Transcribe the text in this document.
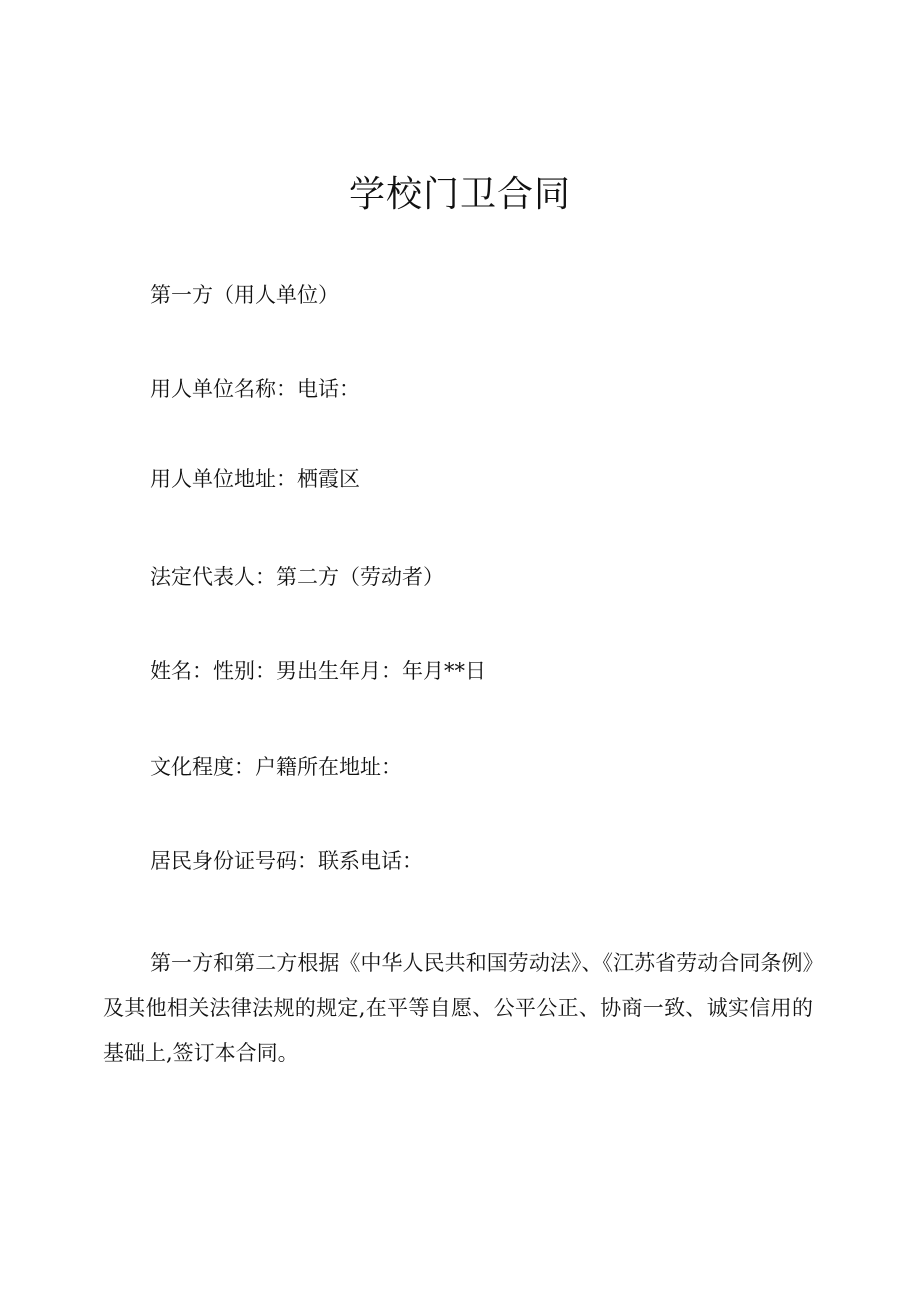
学校门卫合同

第一方（用人单位）

用人单位名称：电话：

用人单位地址：栖霞区

法定代表人：第二方（劳动者）

姓名：性别：男出生年月：年月**日

文化程度：户籍所在地址：

居民身份证号码：联系电话：

第一方和第二方根据《中华人民共和国劳动法》、《江苏省劳动合同条例》及其他相关法律法规的规定,在平等自愿、公平公正、协商一致、诚实信用的基础上,签订本合同。
